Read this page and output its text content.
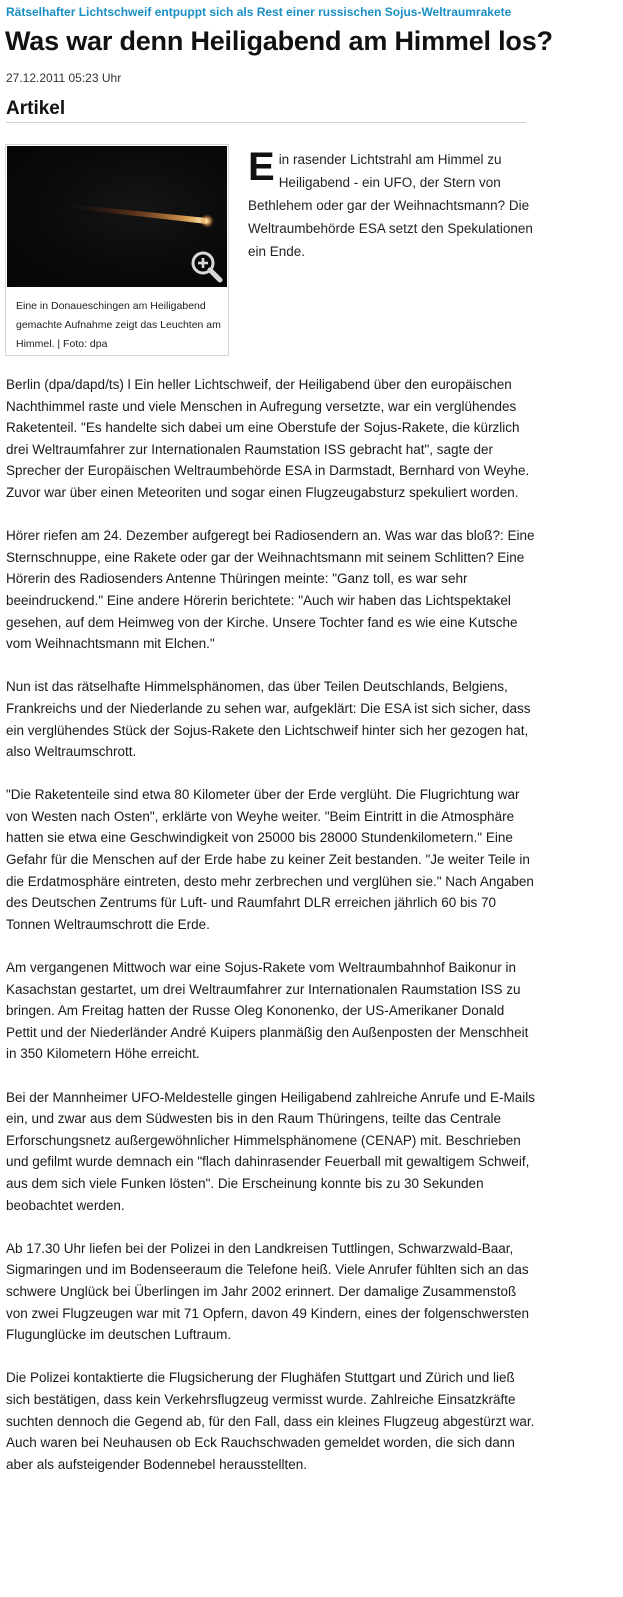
Rätselhafter Lichtschweif entpuppt sich als Rest einer russischen Sojus-Weltraumrakete
Was war denn Heiligabend am Himmel los?
27.12.2011 05:23 Uhr
Artikel
Eine in Donaueschingen am Heiligabend gemachte Aufnahme zeigt das Leuchten am Himmel. | Foto: dpa
Ein rasender Lichtstrahl am Himmel zu Heiligabend - ein UFO, der Stern von Bethlehem oder gar der Weihnachtsmann? Die Weltraumbehörde ESA setzt den Spekulationen ein Ende.

Berlin (dpa/dapd/ts) l Ein heller Lichtschweif, der Heiligabend über den europäischen Nachthimmel raste und viele Menschen in Aufregung versetzte, war ein verglühendes Raketenteil. "Es handelte sich dabei um eine Oberstufe der Sojus-Rakete, die kürzlich drei Weltraumfahrer zur Internationalen Raumstation ISS gebracht hat", sagte der Sprecher der Europäischen Weltraumbehörde ESA in Darmstadt, Bernhard von Weyhe. Zuvor war über einen Meteoriten und sogar einen Flugzeugabsturz spekuliert worden.

Hörer riefen am 24. Dezember aufgeregt bei Radiosendern an. Was war das bloß?: Eine Sternschnuppe, eine Rakete oder gar der Weihnachtsmann mit seinem Schlitten? Eine Hörerin des Radiosenders Antenne Thüringen meinte: "Ganz toll, es war sehr beeindruckend." Eine andere Hörerin berichtete: "Auch wir haben das Lichtspektakel gesehen, auf dem Heimweg von der Kirche. Unsere Tochter fand es wie eine Kutsche vom Weihnachtsmann mit Elchen."

Nun ist das rätselhafte Himmelsphänomen, das über Teilen Deutschlands, Belgiens, Frankreichs und der Niederlande zu sehen war, aufgeklärt: Die ESA ist sich sicher, dass ein verglühendes Stück der Sojus-Rakete den Lichtschweif hinter sich her gezogen hat, also Weltraumschrott.

"Die Raketenteile sind etwa 80 Kilometer über der Erde verglüht. Die Flugrichtung war von Westen nach Osten", erklärte von Weyhe weiter. "Beim Eintritt in die Atmosphäre hatten sie etwa eine Geschwindigkeit von 25000 bis 28000 Stundenkilometern." Eine Gefahr für die Menschen auf der Erde habe zu keiner Zeit bestanden. "Je weiter Teile in die Erdatmosphäre eintreten, desto mehr zerbrechen und verglühen sie." Nach Angaben des Deutschen Zentrums für Luft- und Raumfahrt DLR erreichen jährlich 60 bis 70 Tonnen Weltraumschrott die Erde.

Am vergangenen Mittwoch war eine Sojus-Rakete vom Weltraumbahnhof Baikonur in Kasachstan gestartet, um drei Weltraumfahrer zur Internationalen Raumstation ISS zu bringen. Am Freitag hatten der Russe Oleg Kononenko, der US-Amerikaner Donald Pettit und der Niederländer André Kuipers planmäßig den Außenposten der Menschheit in 350 Kilometern Höhe erreicht.

Bei der Mannheimer UFO-Meldestelle gingen Heiligabend zahlreiche Anrufe und E-Mails ein, und zwar aus dem Südwesten bis in den Raum Thüringens, teilte das Centrale Erforschungsnetz außergewöhnlicher Himmelsphänomene (CENAP) mit. Beschrieben und gefilmt wurde demnach ein "flach dahinrasender Feuerball mit gewaltigem Schweif, aus dem sich viele Funken lösten". Die Erscheinung konnte bis zu 30 Sekunden beobachtet werden.

Ab 17.30 Uhr liefen bei der Polizei in den Landkreisen Tuttlingen, Schwarzwald-Baar, Sigmaringen und im Bodenseeraum die Telefone heiß. Viele Anrufer fühlten sich an das schwere Unglück bei Überlingen im Jahr 2002 erinnert. Der damalige Zusammenstoß von zwei Flugzeugen war mit 71 Opfern, davon 49 Kindern, eines der folgenschwersten Flugunglücke im deutschen Luftraum.

Die Polizei kontaktierte die Flugsicherung der Flughäfen Stuttgart und Zürich und ließ sich bestätigen, dass kein Verkehrsflugzeug vermisst wurde. Zahlreiche Einsatzkräfte suchten dennoch die Gegend ab, für den Fall, dass ein kleines Flugzeug abgestürzt war. Auch waren bei Neuhausen ob Eck Rauchschwaden gemeldet worden, die sich dann aber als aufsteigender Bodennebel herausstellten.
